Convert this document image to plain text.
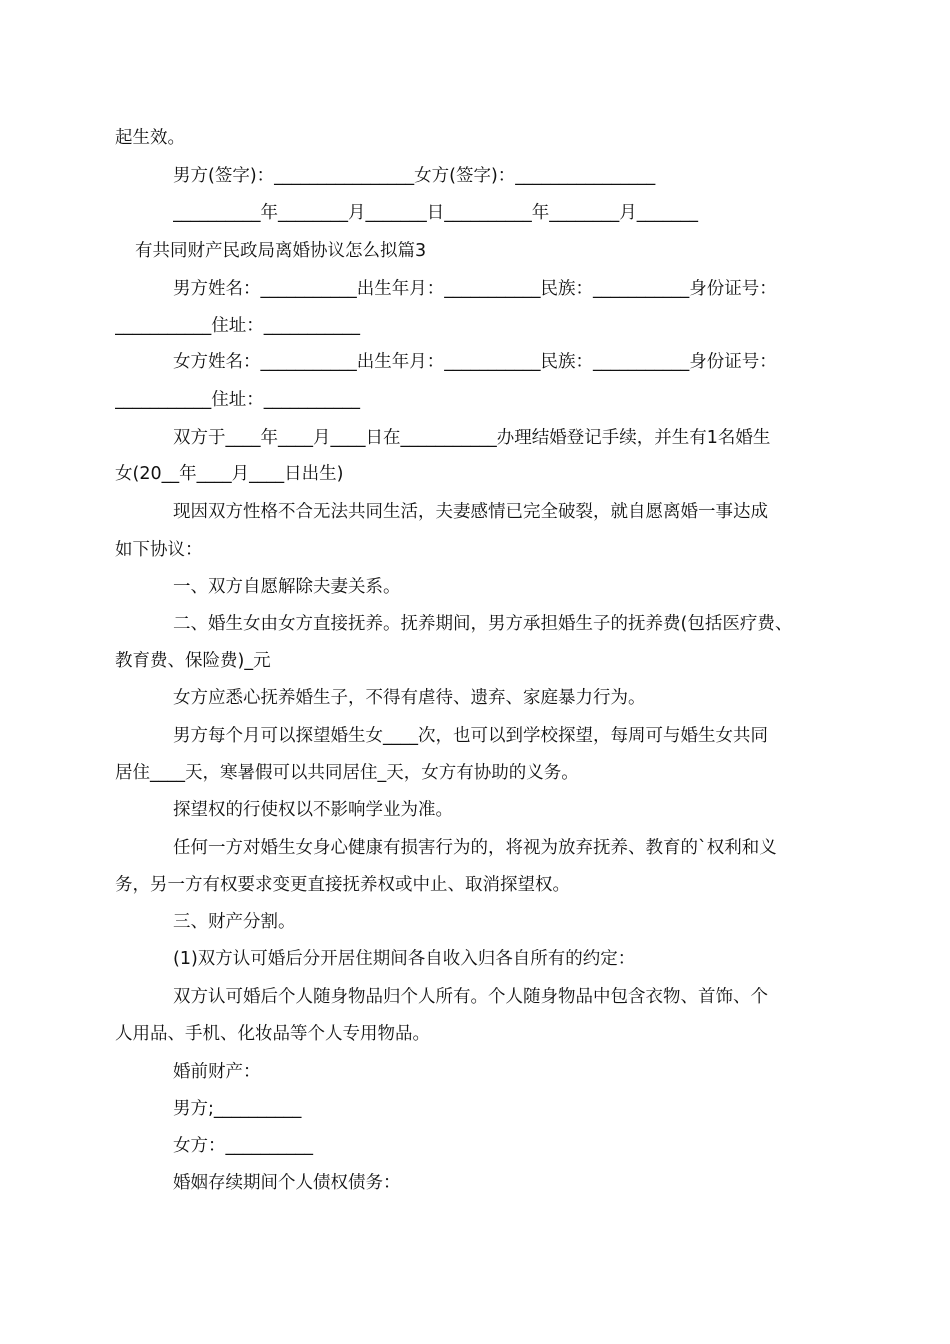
起生效。
男方(签字)：________________女方(签字)：________________
__________年________月_______日__________年________月_______
有共同财产民政局离婚协议怎么拟篇3
男方姓名：___________出生年月：___________民族：___________身份证号：
___________住址：___________
女方姓名：___________出生年月：___________民族：___________身份证号：
___________住址：___________
双方于____年____月____日在___________办理结婚登记手续，并生有1名婚生
女(20__年____月____日出生)
现因双方性格不合无法共同生活，夫妻感情已完全破裂，就自愿离婚一事达成
如下协议：
一、双方自愿解除夫妻关系。
二、婚生女由女方直接抚养。抚养期间，男方承担婚生子的抚养费(包括医疗费、
教育费、保险费)_元
女方应悉心抚养婚生子，不得有虐待、遗弃、家庭暴力行为。
男方每个月可以探望婚生女____次，也可以到学校探望，每周可与婚生女共同
居住____天，寒暑假可以共同居住_天，女方有协助的义务。
探望权的行使权以不影响学业为准。
任何一方对婚生女身心健康有损害行为的，将视为放弃抚养、教育的`权利和义
务，另一方有权要求变更直接抚养权或中止、取消探望权。
三、财产分割。
(1)双方认可婚后分开居住期间各自收入归各自所有的约定：
双方认可婚后个人随身物品归个人所有。个人随身物品中包含衣物、首饰、个
人用品、手机、化妆品等个人专用物品。
婚前财产：
男方;__________
女方：__________
婚姻存续期间个人债权债务：
